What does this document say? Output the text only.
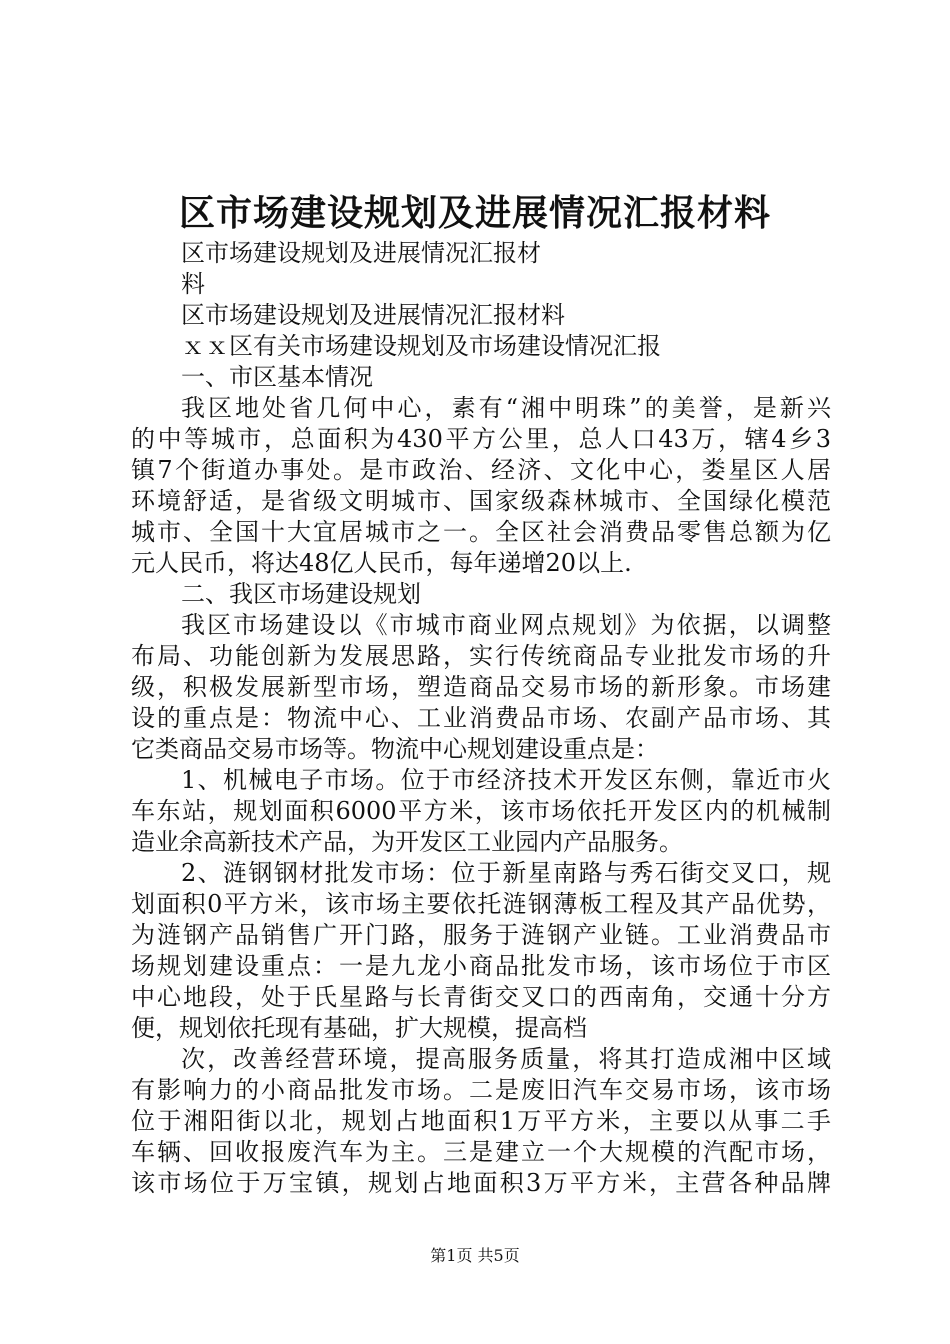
区市场建设规划及进展情况汇报材料
区市场建设规划及进展情况汇报材
料
区市场建设规划及进展情况汇报材料
ｘｘ区有关市场建设规划及市场建设情况汇报
一、市区基本情况
我区地处省几何中心，素有“湘中明珠”的美誉，是新兴
的中等城市，总面积为430平方公里，总人口43万，辖4乡3
镇7个街道办事处。是市政治、经济、文化中心，娄星区人居
环境舒适，是省级文明城市、国家级森林城市、全国绿化模范
城市、全国十大宜居城市之一。全区社会消费品零售总额为亿
元人民币，将达48亿人民币，每年递增20以上.
二、我区市场建设规划
我区市场建设以《市城市商业网点规划》为依据，以调整
布局、功能创新为发展思路，实行传统商品专业批发市场的升
级，积极发展新型市场，塑造商品交易市场的新形象。市场建
设的重点是：物流中心、工业消费品市场、农副产品市场、其
它类商品交易市场等。物流中心规划建设重点是：
1、机械电子市场。位于市经济技术开发区东侧，靠近市火
车东站，规划面积6000平方米，该市场依托开发区内的机械制
造业余高新技术产品，为开发区工业园内产品服务。
2、涟钢钢材批发市场：位于新星南路与秀石街交叉口，规
划面积0平方米，该市场主要依托涟钢薄板工程及其产品优势，
为涟钢产品销售广开门路，服务于涟钢产业链。工业消费品市
场规划建设重点：一是九龙小商品批发市场，该市场位于市区
中心地段，处于氏星路与长青街交叉口的西南角，交通十分方
便，规划依托现有基础，扩大规模，提高档
次，改善经营环境，提高服务质量，将其打造成湘中区域
有影响力的小商品批发市场。二是废旧汽车交易市场，该市场
位于湘阳街以北，规划占地面积1万平方米，主要以从事二手
车辆、回收报废汽车为主。三是建立一个大规模的汽配市场，
该市场位于万宝镇，规划占地面积3万平方米，主营各种品牌
第1页 共5页
